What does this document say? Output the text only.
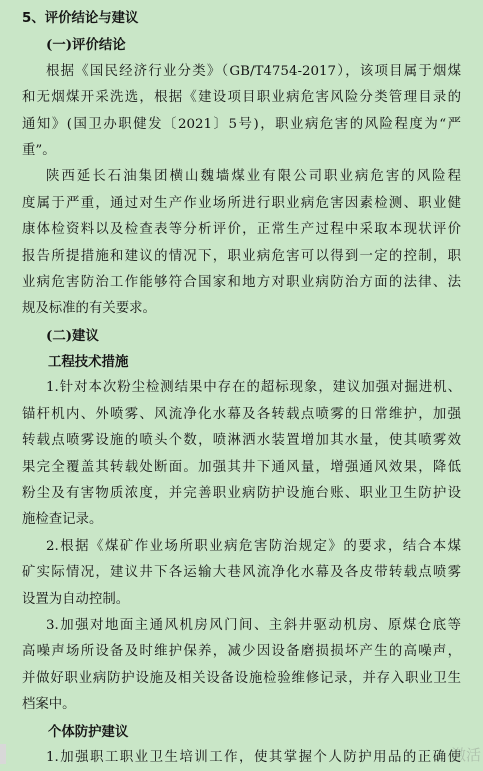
5、评价结论与建议
(一)评价结论
根据《国民经济行业分类》（GB/T4754-2017），该项目属于烟煤
和无烟煤开采洗选，根据《建设项目职业病危害风险分类管理目录的
通知》(国卫办职健发〔2021〕5号)，职业病危害的风险程度为“严
重”。
陕西延长石油集团横山魏墙煤业有限公司职业病危害的风险程
度属于严重，通过对生产作业场所进行职业病危害因素检测、职业健
康体检资料以及检查表等分析评价，正常生产过程中采取本现状评价
报告所提措施和建议的情况下，职业病危害可以得到一定的控制，职
业病危害防治工作能够符合国家和地方对职业病防治方面的法律、法
规及标准的有关要求。
(二)建议
工程技术措施
1.针对本次粉尘检测结果中存在的超标现象，建议加强对掘进机、
锚杆机内、外喷雾、风流净化水幕及各转载点喷雾的日常维护，加强
转载点喷雾设施的喷头个数，喷淋洒水装置增加其水量，使其喷雾效
果完全覆盖其转载处断面。加强其井下通风量，增强通风效果，降低
粉尘及有害物质浓度，并完善职业病防护设施台账、职业卫生防护设
施检查记录。
2.根据《煤矿作业场所职业病危害防治规定》的要求，结合本煤
矿实际情况，建议井下各运输大巷风流净化水幕及各皮带转载点喷雾
设置为自动控制。
3.加强对地面主通风机房风门间、主斜井驱动机房、原煤仓底等
高噪声场所设备及时维护保养，减少因设备磨损损坏产生的高噪声，
并做好职业病防护设施及相关设备设施检验维修记录，并存入职业卫生
档案中。
个体防护建议
1.加强职工职业卫生培训工作，使其掌握个人防护用品的正确使
激活
